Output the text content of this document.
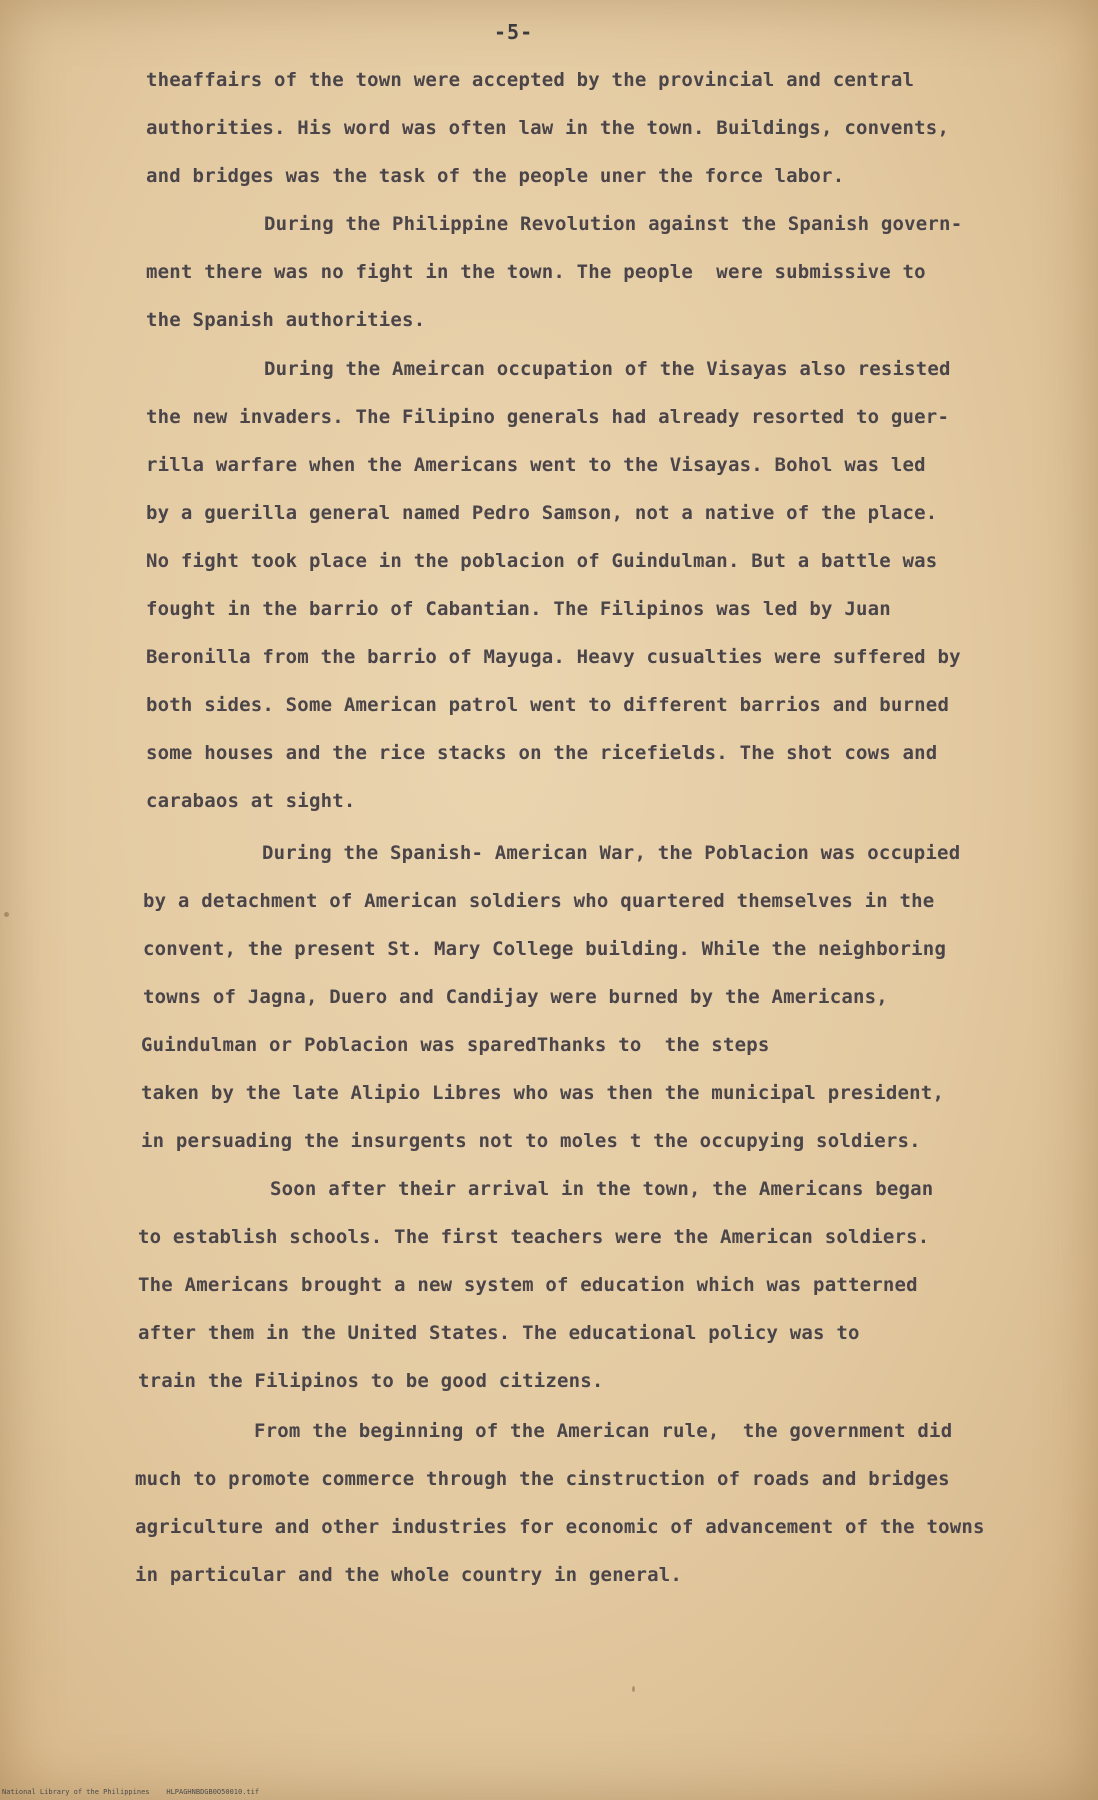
-5-
theaffairs of the town were accepted by the provincial and central
authorities. His word was often law in the town. Buildings, convents,
and bridges was the task of the people uner the force labor.
During the Philippine Revolution against the Spanish govern-
ment there was no fight in the town. The people  were submissive to
the Spanish authorities.
During the Ameircan occupation of the Visayas also resisted
the new invaders. The Filipino generals had already resorted to guer-
rilla warfare when the Americans went to the Visayas. Bohol was led
by a guerilla general named Pedro Samson, not a native of the place.
No fight took place in the poblacion of Guindulman. But a battle was
fought in the barrio of Cabantian. The Filipinos was led by Juan
Beronilla from the barrio of Mayuga. Heavy cusualties were suffered by
both sides. Some American patrol went to different barrios and burned
some houses and the rice stacks on the ricefields. The shot cows and
carabaos at sight.
During the Spanish- American War, the Poblacion was occupied
by a detachment of American soldiers who quartered themselves in the
convent, the present St. Mary College building. While the neighboring
towns of Jagna, Duero and Candijay were burned by the Americans,
Guindulman or Poblacion was sparedThanks to  the steps
taken by the late Alipio Libres who was then the municipal president,
in persuading the insurgents not to moles t the occupying soldiers.
Soon after their arrival in the town, the Americans began
to establish schools. The first teachers were the American soldiers.
The Americans brought a new system of education which was patterned
after them in the United States. The educational policy was to
train the Filipinos to be good citizens.
From the beginning of the American rule,  the government did
much to promote commerce through the cinstruction of roads and bridges
agriculture and other industries for economic of advancement of the towns
in particular and the whole country in general.
National Library of the Philippines    HLPAGHNBDGB0O50010.tif
